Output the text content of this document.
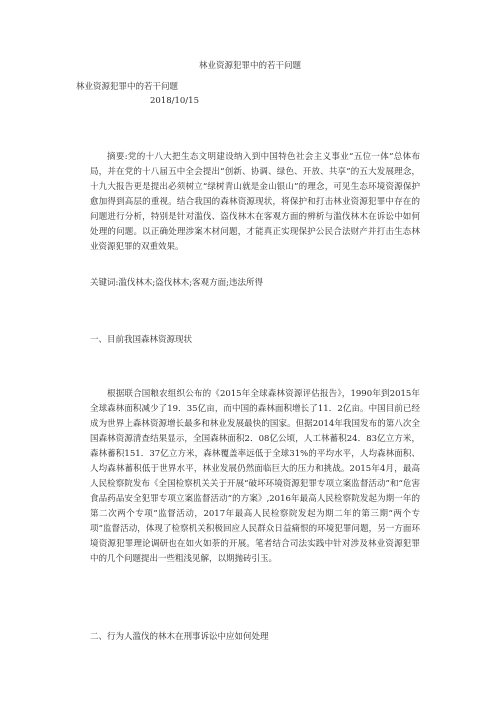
林业资源犯罪中的若干问题
林业资源犯罪中的若干问题
2018/10/15

摘要:党的十八大把生态文明建设纳入到中国特色社会主义事业“五位一体”总体布局，并在党的十八届五中全会提出“创新、协调、绿色、开放、共享”的五大发展理念，十九大报告更是提出必须树立“绿树青山就是金山银山”的理念，可见生态环境资源保护愈加得到高层的重视。结合我国的森林资源现状，将保护和打击林业资源犯罪中存在的问题进行分析，特别是针对滥伐、盗伐林木在客观方面的辨析与滥伐林木在诉讼中如何处理的问题。以正确处理涉案木材问题，才能真正实现保护公民合法财产并打击生态林业资源犯罪的双重效果。

关键词:滥伐林木;盗伐林木;客观方面;违法所得

一、目前我国森林资源现状

根据联合国粮农组织公布的《2015年全球森林资源评估报告》，1990年到2015年全球森林面积减少了19．35亿亩，而中国的森林面积增长了11．2亿亩。中国目前已经成为世界上森林资源增长最多和林业发展最快的国家。但据2014年我国发布的第八次全国森林资源清查结果显示，全国森林面积2．08亿公顷，人工林蓄积24．83亿立方米，森林蓄积151．37亿立方米，森林覆盖率远低于全球31%的平均水平，人均森林面积、人均森林蓄积低于世界水平，林业发展仍然面临巨大的压力和挑战。2015年4月，最高人民检察院发布《全国检察机关关于开展“破坏环境资源犯罪专项立案监督活动”和“危害食品药品安全犯罪专项立案监督活动”的方案》,2016年最高人民检察院发起为期一年的第二次两个专项”监督活动，2017年最高人民检察院发起为期二年的第三期“两个专项”监督活动，体现了检察机关积极回应人民群众日益痛恨的环境犯罪问题，另一方面环境资源犯罪理论调研也在如火如荼的开展。笔者结合司法实践中针对涉及林业资源犯罪中的几个问题提出一些粗浅见解，以期抛砖引玉。

二、行为人滥伐的林木在刑事诉讼中应如何处理
